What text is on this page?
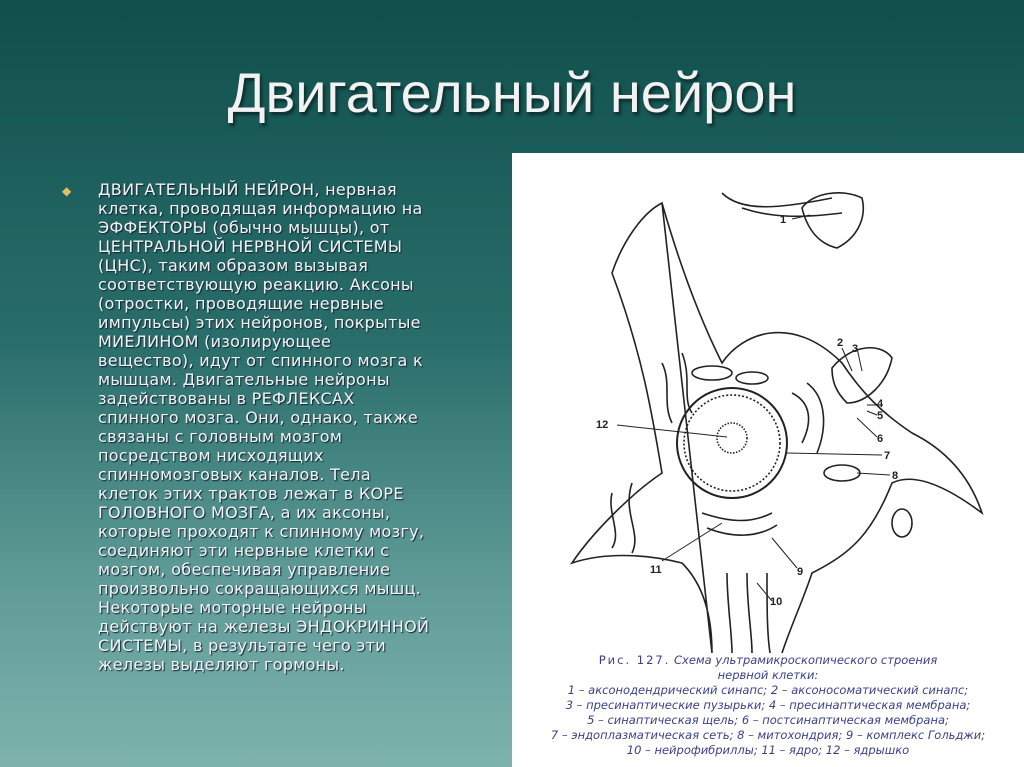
Двигательный нейрон
◆ ДВИГАТЕЛЬНЫЙ НЕЙРОН, нервная
клетка, проводящая информацию на
ЭФФЕКТОРЫ (обычно мышцы), от
ЦЕНТРАЛЬНОЙ НЕРВНОЙ СИСТЕМЫ
(ЦНС), таким образом вызывая
соответствующую реакцию. Аксоны
(отростки, проводящие нервные
импульсы) этих нейронов, покрытые
МИЕЛИНОМ (изолирующее
вещество), идут от спинного мозга к
мышцам. Двигательные нейроны
задействованы в РЕФЛЕКСАХ
спинного мозга. Они, однако, также
связаны с головным мозгом
посредством нисходящих
спинномозговых каналов. Тела
клеток этих трактов лежат в КОРЕ
ГОЛОВНОГО МОЗГА, а их аксоны,
которые проходят к спинному мозгу,
соединяют эти нервные клетки с
мозгом, обеспечивая управление
произвольно сокращающихся мышц.
Некоторые моторные нейроны
действуют на железы ЭНДОКРИННОЙ
СИСТЕМЫ, в результате чего эти
железы выделяют гормоны.
1
2 3
4
5
6
7
8
9
10
11
12
Рис. 127. Схема ультрамикроскопического строения
нервной клетки:
1 – аксонодендрический синапс; 2 – аксоносоматический синапс;
3 – пресинаптические пузырьки; 4 – пресинаптическая мембрана;
5 – синаптическая щель; 6 – постсинаптическая мембрана;
7 – эндоплазматическая сеть; 8 – митохондрия; 9 – комплекс Гольджи;
10 – нейрофибриллы; 11 – ядро; 12 – ядрышко
